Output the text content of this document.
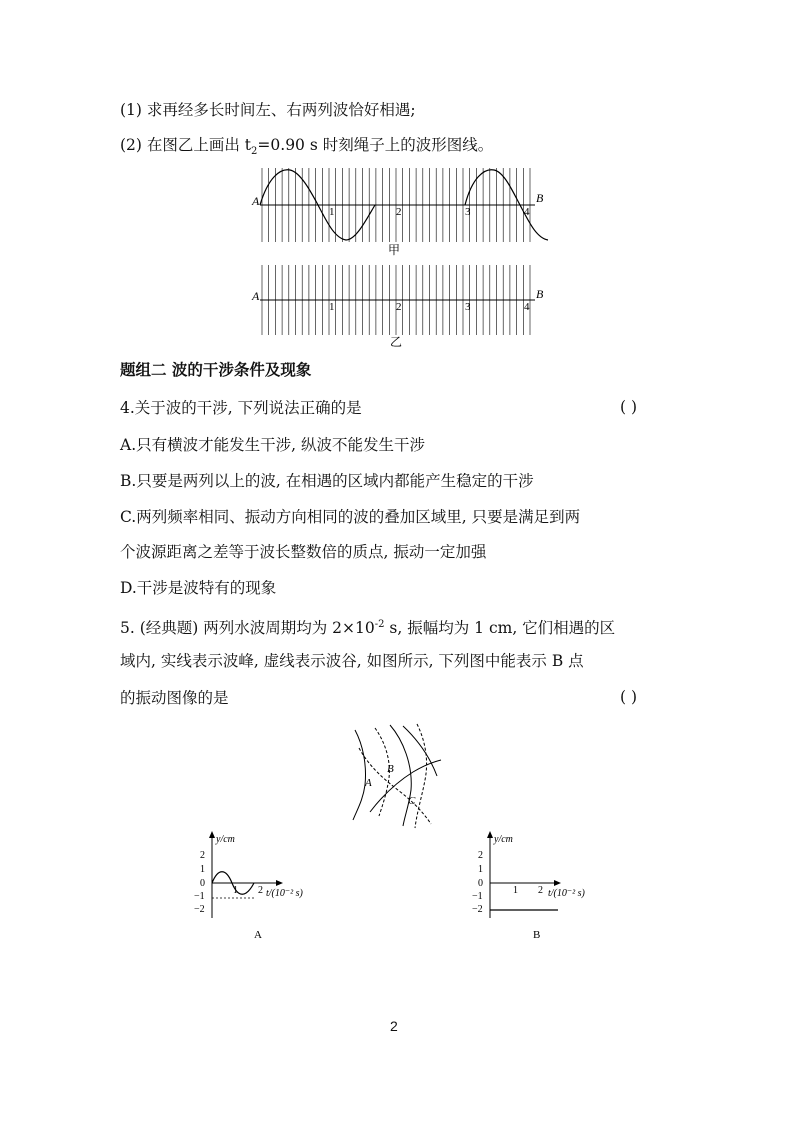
(1) 求再经多长时间左、右两列波恰好相遇;
(2) 在图乙上画出 $t_2=0.90$ s 时刻绳子上的波形图线。
A	B
1	2	3	4
甲
A	B
1	2	3	4
乙
题组二 波的干涉条件及现象
4.关于波的干涉, 下列说法正确的是	( )
A.只有横波才能发生干涉, 纵波不能发生干涉
B.只要是两列以上的波, 在相遇的区域内都能产生稳定的干涉
C.两列频率相同、振动方向相同的波的叠加区域里, 只要是满足到两
个波源距离之差等于波长整数倍的质点, 振动一定加强
D.干涉是波特有的现象
5. (经典题) 两列水波周期均为 $2\times 10^{-2}$ s, 振幅均为 1 cm, 它们相遇的区
域内, 实线表示波峰, 虚线表示波谷, 如图所示, 下列图中能表示 B 点
的振动图像的是	( )
A
B
C
y/cm
2
1
0
−1
−2
1 2 t/(10⁻² s)
A
y/cm
2
1
0
−1
−2
1 2 t/(10⁻² s)
B
2
